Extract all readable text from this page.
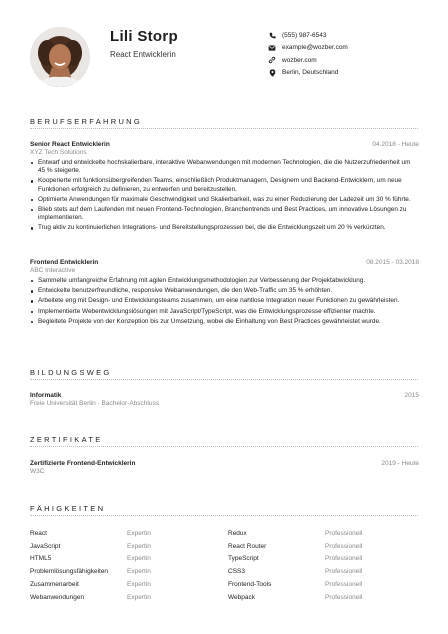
Lili Storp
React Entwicklerin
(555) 987-6543
example@wozber.com
wozber.com
Berlin, Deutschland
BERUFSERFAHRUNG
Senior React Entwicklerin
XYZ Tech Solutions
04.2018 - Heute
Entwarf und entwickelte hochskalierbare, interaktive Webanwendungen mit modernen Technologien, die die Nutzerzufriedenheit um 45 % steigerte.
Kooperierte mit funktionsübergreifenden Teams, einschließlich Produktmanagern, Designern und Backend-Entwicklern, um neue Funktionen erfolgreich zu definieren, zu entwerfen und bereitzustellen.
Optimierte Anwendungen für maximale Geschwindigkeit und Skalierbarkeit, was zu einer Reduzierung der Ladezeit um 30 % führte.
Blieb stets auf dem Laufenden mit neuen Frontend-Technologien, Branchentrends und Best Practices, um innovative Lösungen zu implementieren.
Trug aktiv zu kontinuierlichen Integrations- und Bereitstellungsprozessen bei, die die Entwicklungszeit um 20 % verkürzten.
Frontend Entwicklerin
ABC Interactive
08.2015 - 03.2018
Sammelte umfangreiche Erfahrung mit agilen Entwicklungsmethodologien zur Verbesserung der Projektabwicklung.
Entwickelte benutzerfreundliche, responsive Webanwendungen, die den Web-Traffic um 35 % erhöhten.
Arbeitete eng mit Design- und Entwicklungsteams zusammen, um eine nahtlose Integration neuer Funktionen zu gewährleisten.
Implementierte Webentwicklungslösungen mit JavaScript/TypeScript, was die Entwicklungsprozesse effizienter machte.
Begleitete Projekte von der Konzeption bis zur Umsetzung, wobei die Einhaltung von Best Practices gewährleistet wurde.
BILDUNGSWEG
Informatik
Freie Universität Berlin · Bachelor-Abschluss
2015
ZERTIFIKATE
Zertifizierte Frontend-Entwicklerin
W3C
2019 - Heute
FÄHIGKEITEN
React	Expertin	Redux	Professionell
JavaScript	Expertin	React Router	Professionell
HTML5	Expertin	TypeScript	Professionell
Problemlösungsfähigkeiten	Expertin	CSS3	Professionell
Zusammenarbeit	Expertin	Frontend-Tools	Professionell
Webanwendungen	Expertin	Webpack	Professionell
